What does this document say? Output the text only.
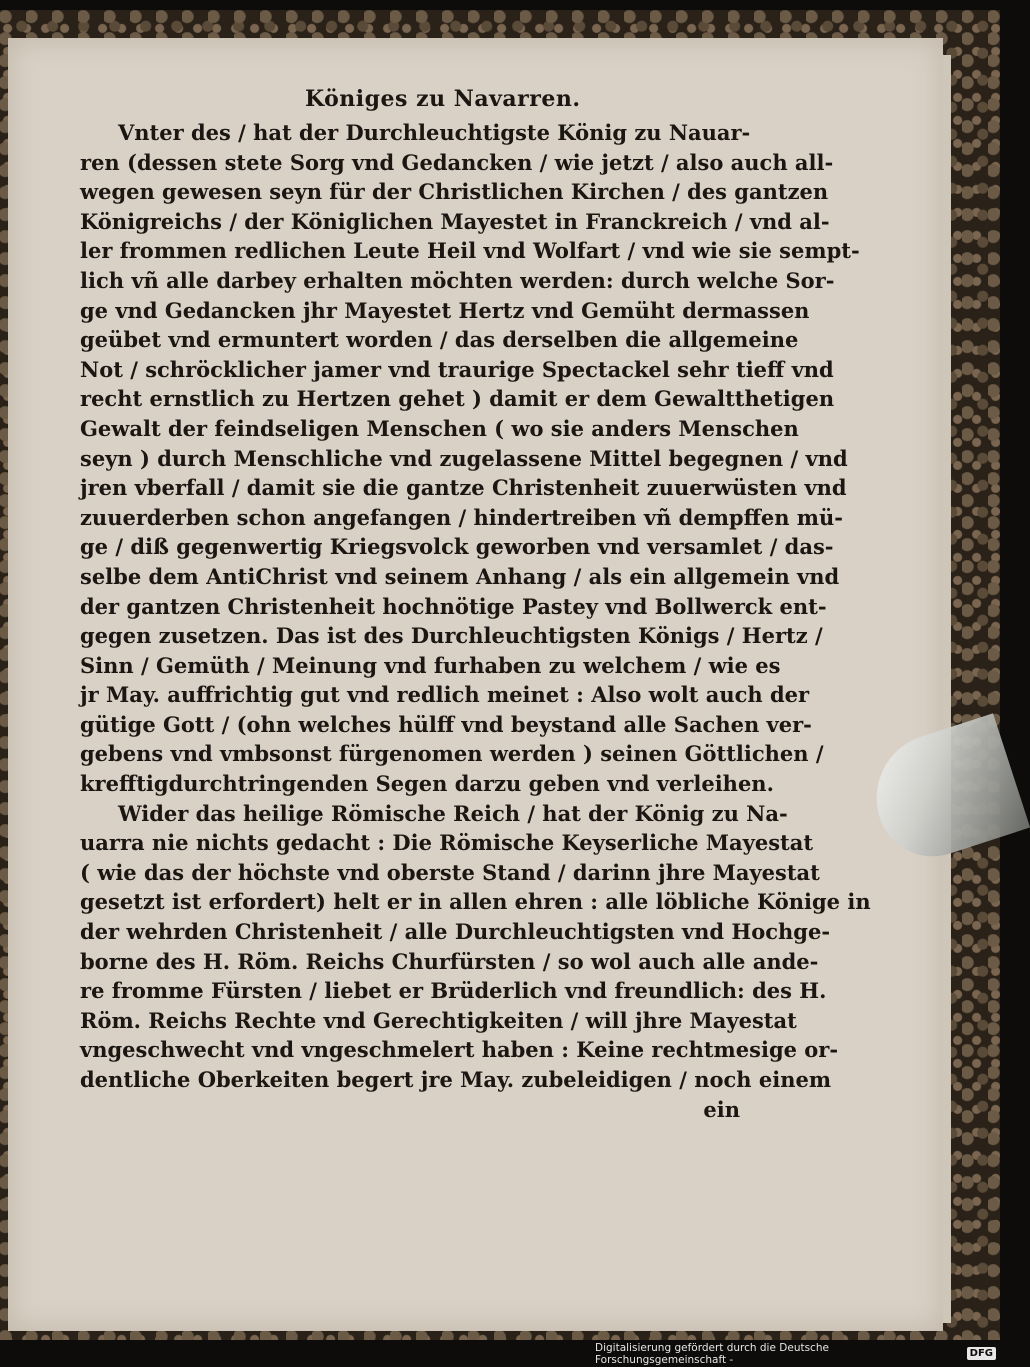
Königes zu Navarren.
Vnter des / hat der Durchleuchtigste König zu Nauar-
ren (dessen stete Sorg vnd Gedancken / wie jetzt / also auch all-
wegen gewesen seyn für der Christlichen Kirchen / des gantzen
Königreichs / der Königlichen Mayestet in Franckreich / vnd al-
ler frommen redlichen Leute Heil vnd Wolfart / vnd wie sie sempt-
lich vñ alle darbey erhalten möchten werden: durch welche Sor-
ge vnd Gedancken jhr Mayestet Hertz vnd Gemüht dermassen
geübet vnd ermuntert worden / das derselben die allgemeine
Not / schröcklicher jamer vnd traurige Spectackel sehr tieff vnd
recht ernstlich zu Hertzen gehet ) damit er dem Gewaltthetigen
Gewalt der feindseligen Menschen ( wo sie anders Menschen
seyn ) durch Menschliche vnd zugelassene Mittel begegnen / vnd
jren vberfall / damit sie die gantze Christenheit zuuerwüsten vnd
zuuerderben schon angefangen / hindertreiben vñ dempffen mü-
ge / diß gegenwertig Kriegsvolck geworben vnd versamlet / das-
selbe dem AntiChrist vnd seinem Anhang / als ein allgemein vnd
der gantzen Christenheit hochnötige Pastey vnd Bollwerck ent-
gegen zusetzen. Das ist des Durchleuchtigsten Königs / Hertz /
Sinn / Gemüth / Meinung vnd furhaben zu welchem / wie es
jr May. auffrichtig gut vnd redlich meinet : Also wolt auch der
gütige Gott / (ohn welches hülff vnd beystand alle Sachen ver-
gebens vnd vmbsonst fürgenomen werden ) seinen Göttlichen /
krefftigdurchtringenden Segen darzu geben vnd verleihen.
Wider das heilige Römische Reich / hat der König zu Na-
uarra nie nichts gedacht : Die Römische Keyserliche Mayestat
( wie das der höchste vnd oberste Stand / darinn jhre Mayestat
gesetzt ist erfordert) helt er in allen ehren : alle löbliche Könige in
der wehrden Christenheit / alle Durchleuchtigsten vnd Hochge-
borne des H. Röm. Reichs Churfürsten / so wol auch alle ande-
re fromme Fürsten / liebet er Brüderlich vnd freundlich: des H.
Röm. Reichs Rechte vnd Gerechtigkeiten / will jhre Mayestat
vngeschwecht vnd vngeschmelert haben : Keine rechtmesige or-
dentliche Oberkeiten begert jre May. zubeleidigen / noch einem
ein
Digitalisierung gefördert durch die Deutsche Forschungsgemeinschaft -	DFG
